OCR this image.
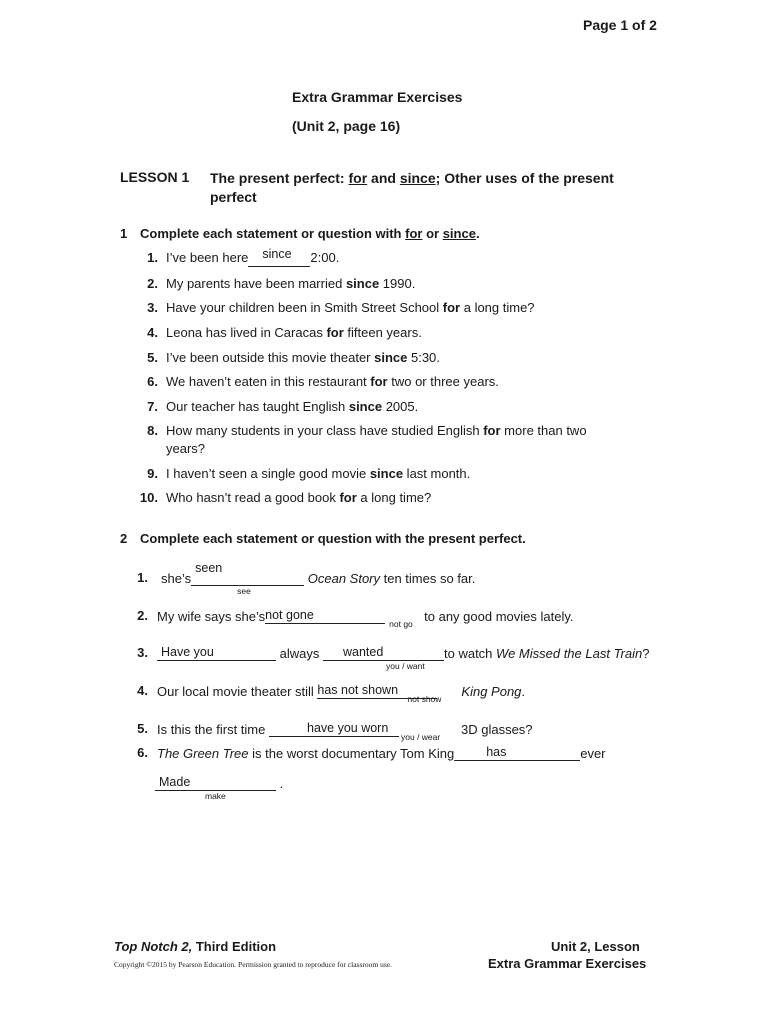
Page 1 of 2
Extra Grammar Exercises
(Unit 2, page 16)
LESSON 1 The present perfect: for and since; Other uses of the present perfect
1 Complete each statement or question with for or since.
1. I’ve been here since 2:00.
2. My parents have been married since 1990.
3. Have your children been in Smith Street School for a long time?
4. Leona has lived in Caracas for fifteen years.
5. I’ve been outside this movie theater since 5:30.
6. We haven’t eaten in this restaurant for two or three years.
7. Our teacher has taught English since 2005.
8. How many students in your class have studied English for more than two years?
9. I haven’t seen a single good movie since last month.
10. Who hasn’t read a good book for a long time?
2 Complete each statement or question with the present perfect.
1. she’s
seen
see
Ocean Story ten times so far.
2. My wife says she’s not gone
not go to any good movies lately.
3. Have you	always wanted
you / want
to watch We Missed the Last Train?
4. Our local movie theater still has not shown
not show King Pong.
5. Is this the first time	have you worn
you / wear 3D glasses?
6. The Green Tree is the worst documentary Tom King	has	ever
Made
make
.
Top Notch 2, Third Edition	Unit 2, Lesson
Copyright ©2015 by Pearson Education. Permission granted to reproduce for classroom use.	Extra Grammar Exercises
